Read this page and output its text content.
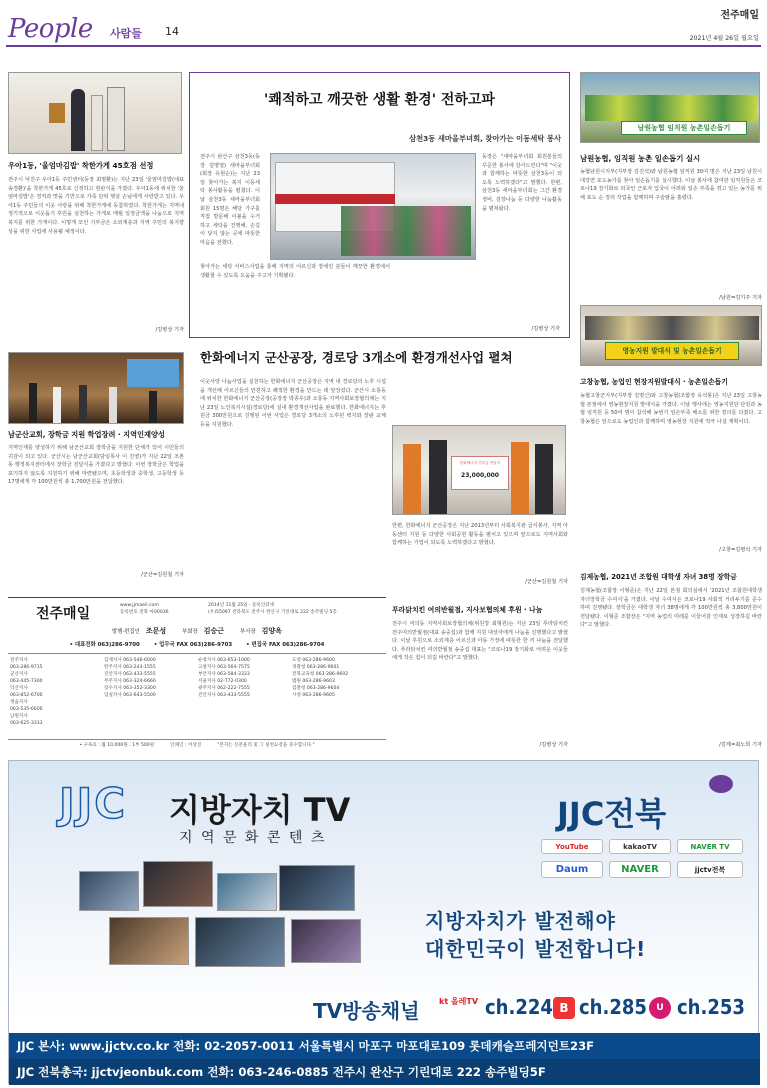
People 사람들 14
전주매일
2021년 4월 26일 월요일
우아1동, '울엄마김밥' 착한가게 45호점 선정
전주시 덕진구 우아1동 주민센터(동장 최명환)는 지난 23일 '울엄마김밥(대표 송경환)'을 착한가게 45호로 신정하고 현판식을 가졌다. 우아1동에 위치한 '울엄마김밥'은 정직과 맛을 기반으로 가족 단위 햇살 손님에게 사랑받고 있다. 우아1동 주민들의 이웃 사랑을 위해 착한가게에 동참하였다. 착한가게는 지역내 정기적으로 이웃돕기 후원을 실천하는 가게로 매월 일정금액을 나눔으로 지역 복지를 위한 가게이다. 이렇게 모인 기부금은 소외계층과 지역 주민의 복지향상을 위한 사업에 사용될 예정이다.
/김병상 기자
남군산교회, 장학금 지원 학업장려 · 지역인재양성
지역인재를 양성하기 위해 남군산교회 장학금을 지원한 단체가 있어 시민들의 귀감이 되고 있다. 군산시는 남군산교회(담임목사 이 진영)가 지난 22일 조촌동 행정복지센터에서 장학금 전달식을 가졌다고 밝혔다. 이번 장학금은 학업을 포기하지 않도록 지원하기 위해 마련됐으며, 초등학생과 중학생, 고등학생 등 17명에게 각 100만원씩 총 1,700만원을 전달했다.
/군산=김원철 기자
'쾌적하고 깨끗한 생활 환경' 전하고파
삼천3동 새마을부녀회, 찾아가는 이동세탁 봉사
전주시 완산구 삼천3동(동장 김명열) 새마을부녀회(회장 유현순)는 지난 23일 찾아가는 복지 이동세탁 봉사활동을 펼쳤다. 이날 삼천3동 새마을부녀회 회원 15명은 해당 가구를 직접 방문해 이불을 수거하고 세탁을 진행해, 손길이 닿지 않는 곳에 따뜻한 마음을 전했다.
찾아가는 세탁 서비스사업을 통해 지역의 어르신과 장애인 분들이 깨끗한 환경에서 생활할 수 있도록 도움을 주고자 기획됐다.
동장은 "새마을부녀회 회원분들의 꾸준한 봉사에 감사드린다"며 "이웃과 함께하는 따뜻한 삼천3동이 되도록 노력하겠다"고 말했다. 한편, 삼천3동 새마을부녀회는 그간 환경정비, 김장나눔 등 다양한 나눔활동을 펼쳐왔다.
/김병상 기자
한화에너지 군산공장, 경로당 3개소에 환경개선사업 펼쳐
이웃사랑 나눔사업을 실천하는 한화에너지 군산공장은 지역 내 경로당의 노후 시설을 개선해 어르신들의 안전하고 쾌적한 환경을 만드는 데 앞장섰다. 군산시 소룡동에 위치한 한화에너지 군산공장(공장장 박종우)과 소룡동 지역사회보장협의체는 지난 23일 노인복지시설(경로당)에 실내 환경개선사업을 완료했다. 한화에너지는 후원금 300만원으로 진행된 이번 사업은 경로당 3개소의 노후된 벽지와 장판 교체 등을 지원했다.
한화에너지 기부금 전달식
23,000,000
한편, 한화에너지 군산공장은 지난 2013년부터 사회복지관 급식봉사, 지역 아동센터 지원 등 다양한 사회공헌 활동을 펼치고 있으며 앞으로도 지역사회와 함께하는 기업이 되도록 노력하겠다고 밝혔다.
/군산=김원철 기자
전주매일
www.jjmaeil.com
등록번호 전북 아00036
2014년 11월 25일 · 등록인터넷
(우)55097 전라북도 전주시 완산구 기린대로 222 송주빌딩 5층
발행·편집인 조문성	부회장 김승근	부사장 김양옥
• 대표전화 063)286-9700	• 업무국 FAX 063)286-9703	• 편집국 FAX 063)286-9704
전주지사
063-286-9715
군산지사
063-445-7300
익산지사
063-852-6700
정읍지사
063-535-6600
남원지사
063-625-3333
김제지사 063-546-6000
완주지사 063-243-1555
진안지사 063-433-5555
무주지사 063-324-6666
장수지사 063-352-3300
임실지사 063-643-5500
순창지사 063-653-1000
고창지사 063-564-7575
부안지사 063-584-3333
서울지사 02-772-0300
광주지사 062-222-7555
진안지사 063-433-5555
도청 063-286-9600
경찰청 063-286-9601
전북교육청 063-286-9602
법원 063-286-9603
검찰청 063-286-9604
시청 063-286-9605
• 구독료 : 월 10,000원 , 1부 500원	인쇄인 : 이상진	"본지는 신문윤리 및 그 실천요강을 준수합니다."
푸라닭치킨 여의반월점, 지사보협의체 후원 · 나눔
전주시 여의동 지역사회보장협의체(위원장 최형원)는 지난 23일 푸라닭치킨 전주여의반월점(대표 송중섭)과 함께 지원 대상자에게 나눔을 진행했다고 밝혔다. 이날 후원으로 소외계층 어르신과 아동 가정에 따뜻한 한 끼 나눔을 전달했다. 푸라닭치킨 여의반월점 송중섭 대표는 "코로나19 장기화로 어려운 이웃들에게 작은 힘이 되길 바란다"고 말했다.
/김병상 기자
남원농협 임직원 농촌일손돕기
남원농협, 임직원 농촌 일손돕기 실시
농협남원시지부(지부장 김진석)와 남원농협 임직원 30여 명은 지난 23일 남원시 대강면 포도농가를 찾아 일손돕기를 실시했다. 이날 봉사에 참여한 임직원들은 코로나19 장기화로 외국인 근로자 입국이 어려워 일손 부족을 겪고 있는 농가를 위해 포도 순 정리 작업을 함께하며 구슬땀을 흘렸다.
/남원=김기주 기자
영농지원 발대식 및 농촌일손돕기
고창농협, 농업인 현장지원발대식 · 농촌일손돕기
농협고창군지부(지부장 김명신)와 고창농협(조합장 유석봉)은 지난 23일 고창농협 본점에서 영농현장지원 발대식을 가졌다. 이날 행사에는 영농지원단 단원과 농협 임직원 등 50여 명이 참석해 농번기 일손부족 해소를 위한 결의를 다졌다. 고창농협은 앞으로도 농업인과 함께하며 영농현장 지원에 적극 나설 계획이다.
/고창=김병석 기자
김제농협, 2021년 조합원 대학생 자녀 38명 장학금
김제농협(조합장 이형준)은 지난 22일 본점 회의실에서 '2021년 조합원대학생 자녀장학금 수여식'을 가졌다. 이날 수여식은 코로나19 사회적 거리두기를 준수하며 진행됐다. 장학금은 대학생 자녀 38명에게 각 100만원씩 총 3,800만원이 전달됐다. 이형준 조합장은 "지역 농업의 미래를 이끌어갈 인재로 성장하길 바란다"고 말했다.
/김제=최노희 기자
JJC 지방자치 TV
지 역 문 화 콘 텐 츠
JJC전북
YouTube	kakaoTV	NAVER TV
Daum	NAVER	jjctv전북
지방자치가 발전해야
대한민국이 발전합니다!
TV방송채널 kt 올레TV ch.224 B ch.285	U ch.253
JJC 본사: www.jjctv.co.kr 전화: 02-2057-0011 서울특별시 마포구 마포대로109 롯데캐슬프레지던트23F
JJC 전북총국: jjctvjeonbuk.com 전화: 063-246-0885 전주시 완산구 기린대로 222 송주빌딩5F
